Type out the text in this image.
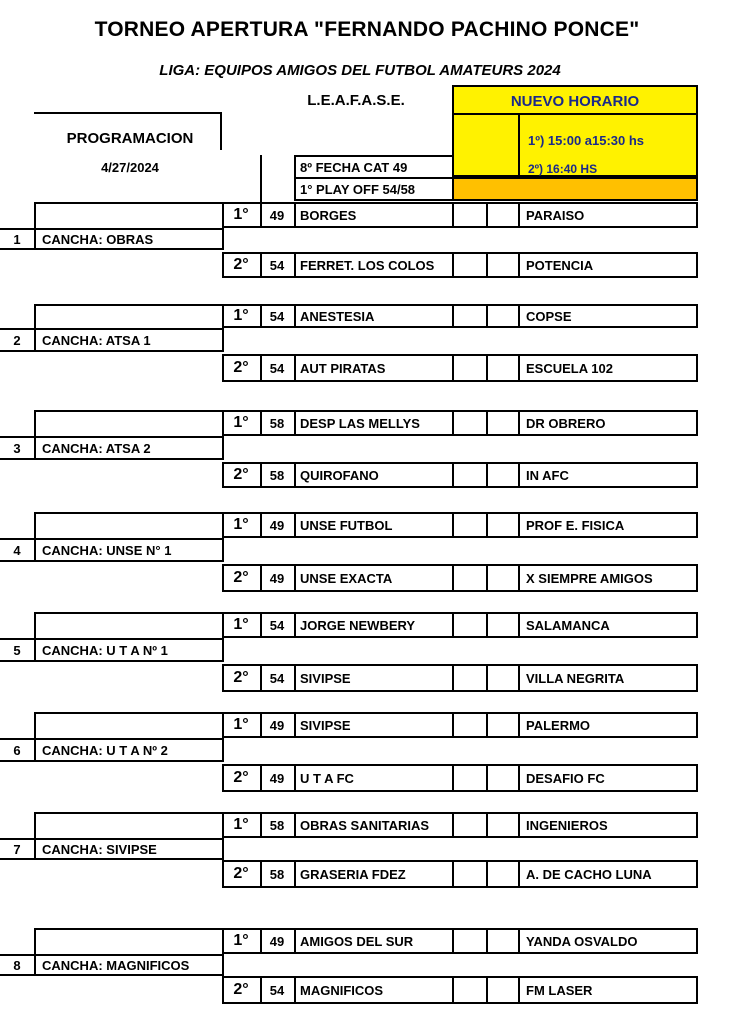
TORNEO APERTURA "FERNANDO PACHINO PONCE"
LIGA: EQUIPOS AMIGOS DEL FUTBOL AMATEURS 2024
L.E.A.F.A.S.E.
PROGRAMACION
4/27/2024
NUEVO HORARIO
1º) 15:00 a15:30 hs
2º) 16:40 HS
8º FECHA CAT 49
1° PLAY OFF 54/58
1°	49	BORGES	PARAISO
1	CANCHA: OBRAS
2°	54	FERRET. LOS COLOS	POTENCIA
1°	54	ANESTESIA	COPSE
2	CANCHA: ATSA 1
2°	54	AUT PIRATAS	ESCUELA 102
1°	58	DESP LAS MELLYS	DR OBRERO
3	CANCHA: ATSA 2
2°	58	QUIROFANO	IN AFC
1°	49	UNSE FUTBOL	PROF E. FISICA
4	CANCHA: UNSE N° 1
2°	49	UNSE EXACTA	X SIEMPRE AMIGOS
1°	54	JORGE NEWBERY	SALAMANCA
5	CANCHA: U T A Nº 1
2°	54	SIVIPSE	VILLA NEGRITA
1°	49	SIVIPSE	PALERMO
6	CANCHA: U T A Nº 2
2°	49	U T A FC	DESAFIO FC
1°	58	OBRAS SANITARIAS	INGENIEROS
7	CANCHA: SIVIPSE
2°	58	GRASERIA FDEZ	A. DE CACHO LUNA
1°	49	AMIGOS DEL SUR	YANDA OSVALDO
8	CANCHA: MAGNIFICOS
2°	54	MAGNIFICOS	FM LASER
